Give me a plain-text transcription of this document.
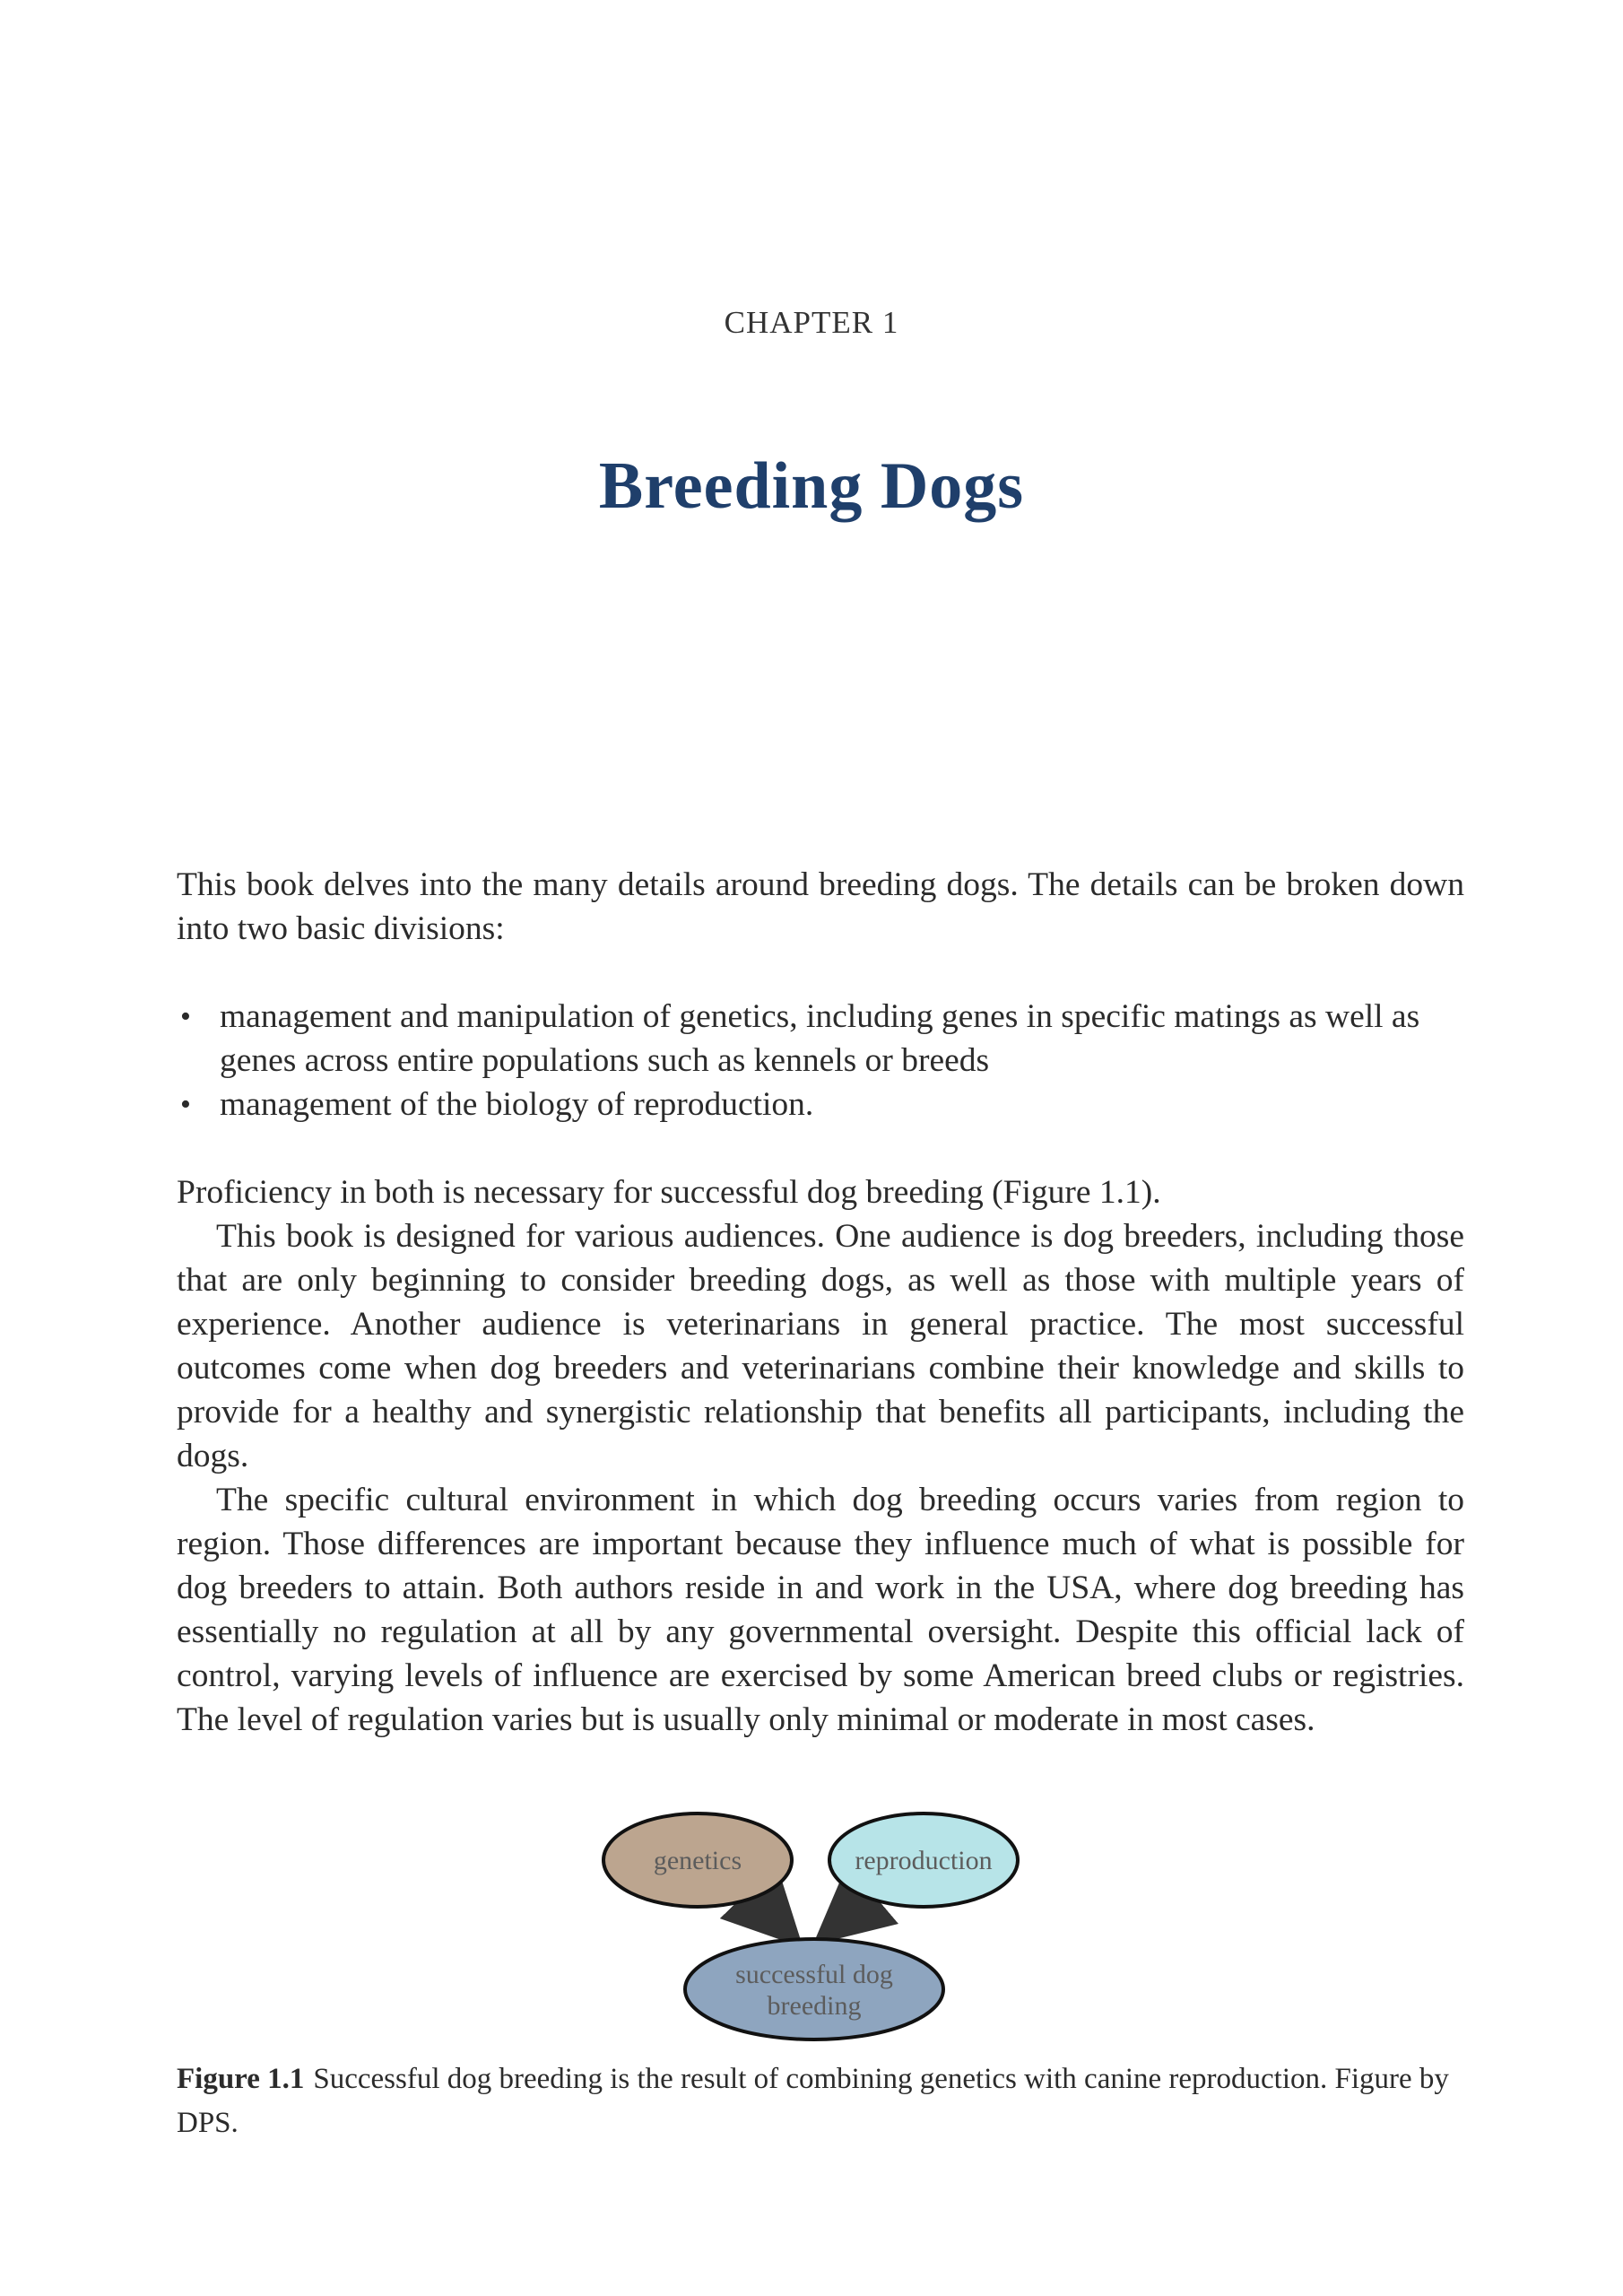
CHAPTER 1
Breeding Dogs

This book delves into the many details around breeding dogs. The details can be broken down into two basic divisions:

• management and manipulation of genetics, including genes in specific matings as well as genes across entire populations such as kennels or breeds
• management of the biology of reproduction.

Proficiency in both is necessary for successful dog breeding (Figure 1.1).

This book is designed for various audiences. One audience is dog breeders, including those that are only beginning to consider breeding dogs, as well as those with multiple years of experience. Another audience is veterinarians in general practice. The most successful outcomes come when dog breeders and veterinarians combine their knowledge and skills to provide for a healthy and synergistic relationship that benefits all participants, including the dogs.

The specific cultural environment in which dog breeding occurs varies from region to region. Those differences are important because they influence much of what is possible for dog breeders to attain. Both authors reside in and work in the USA, where dog breeding has essentially no regulation at all by any governmental oversight. Despite this official lack of control, varying levels of influence are exercised by some American breed clubs or registries. The level of regulation varies but is usually only minimal or moderate in most cases.

genetics	reproduction
successful dog
breeding
Figure 1.1 Successful dog breeding is the result of combining genetics with canine reproduction. Figure by DPS.
